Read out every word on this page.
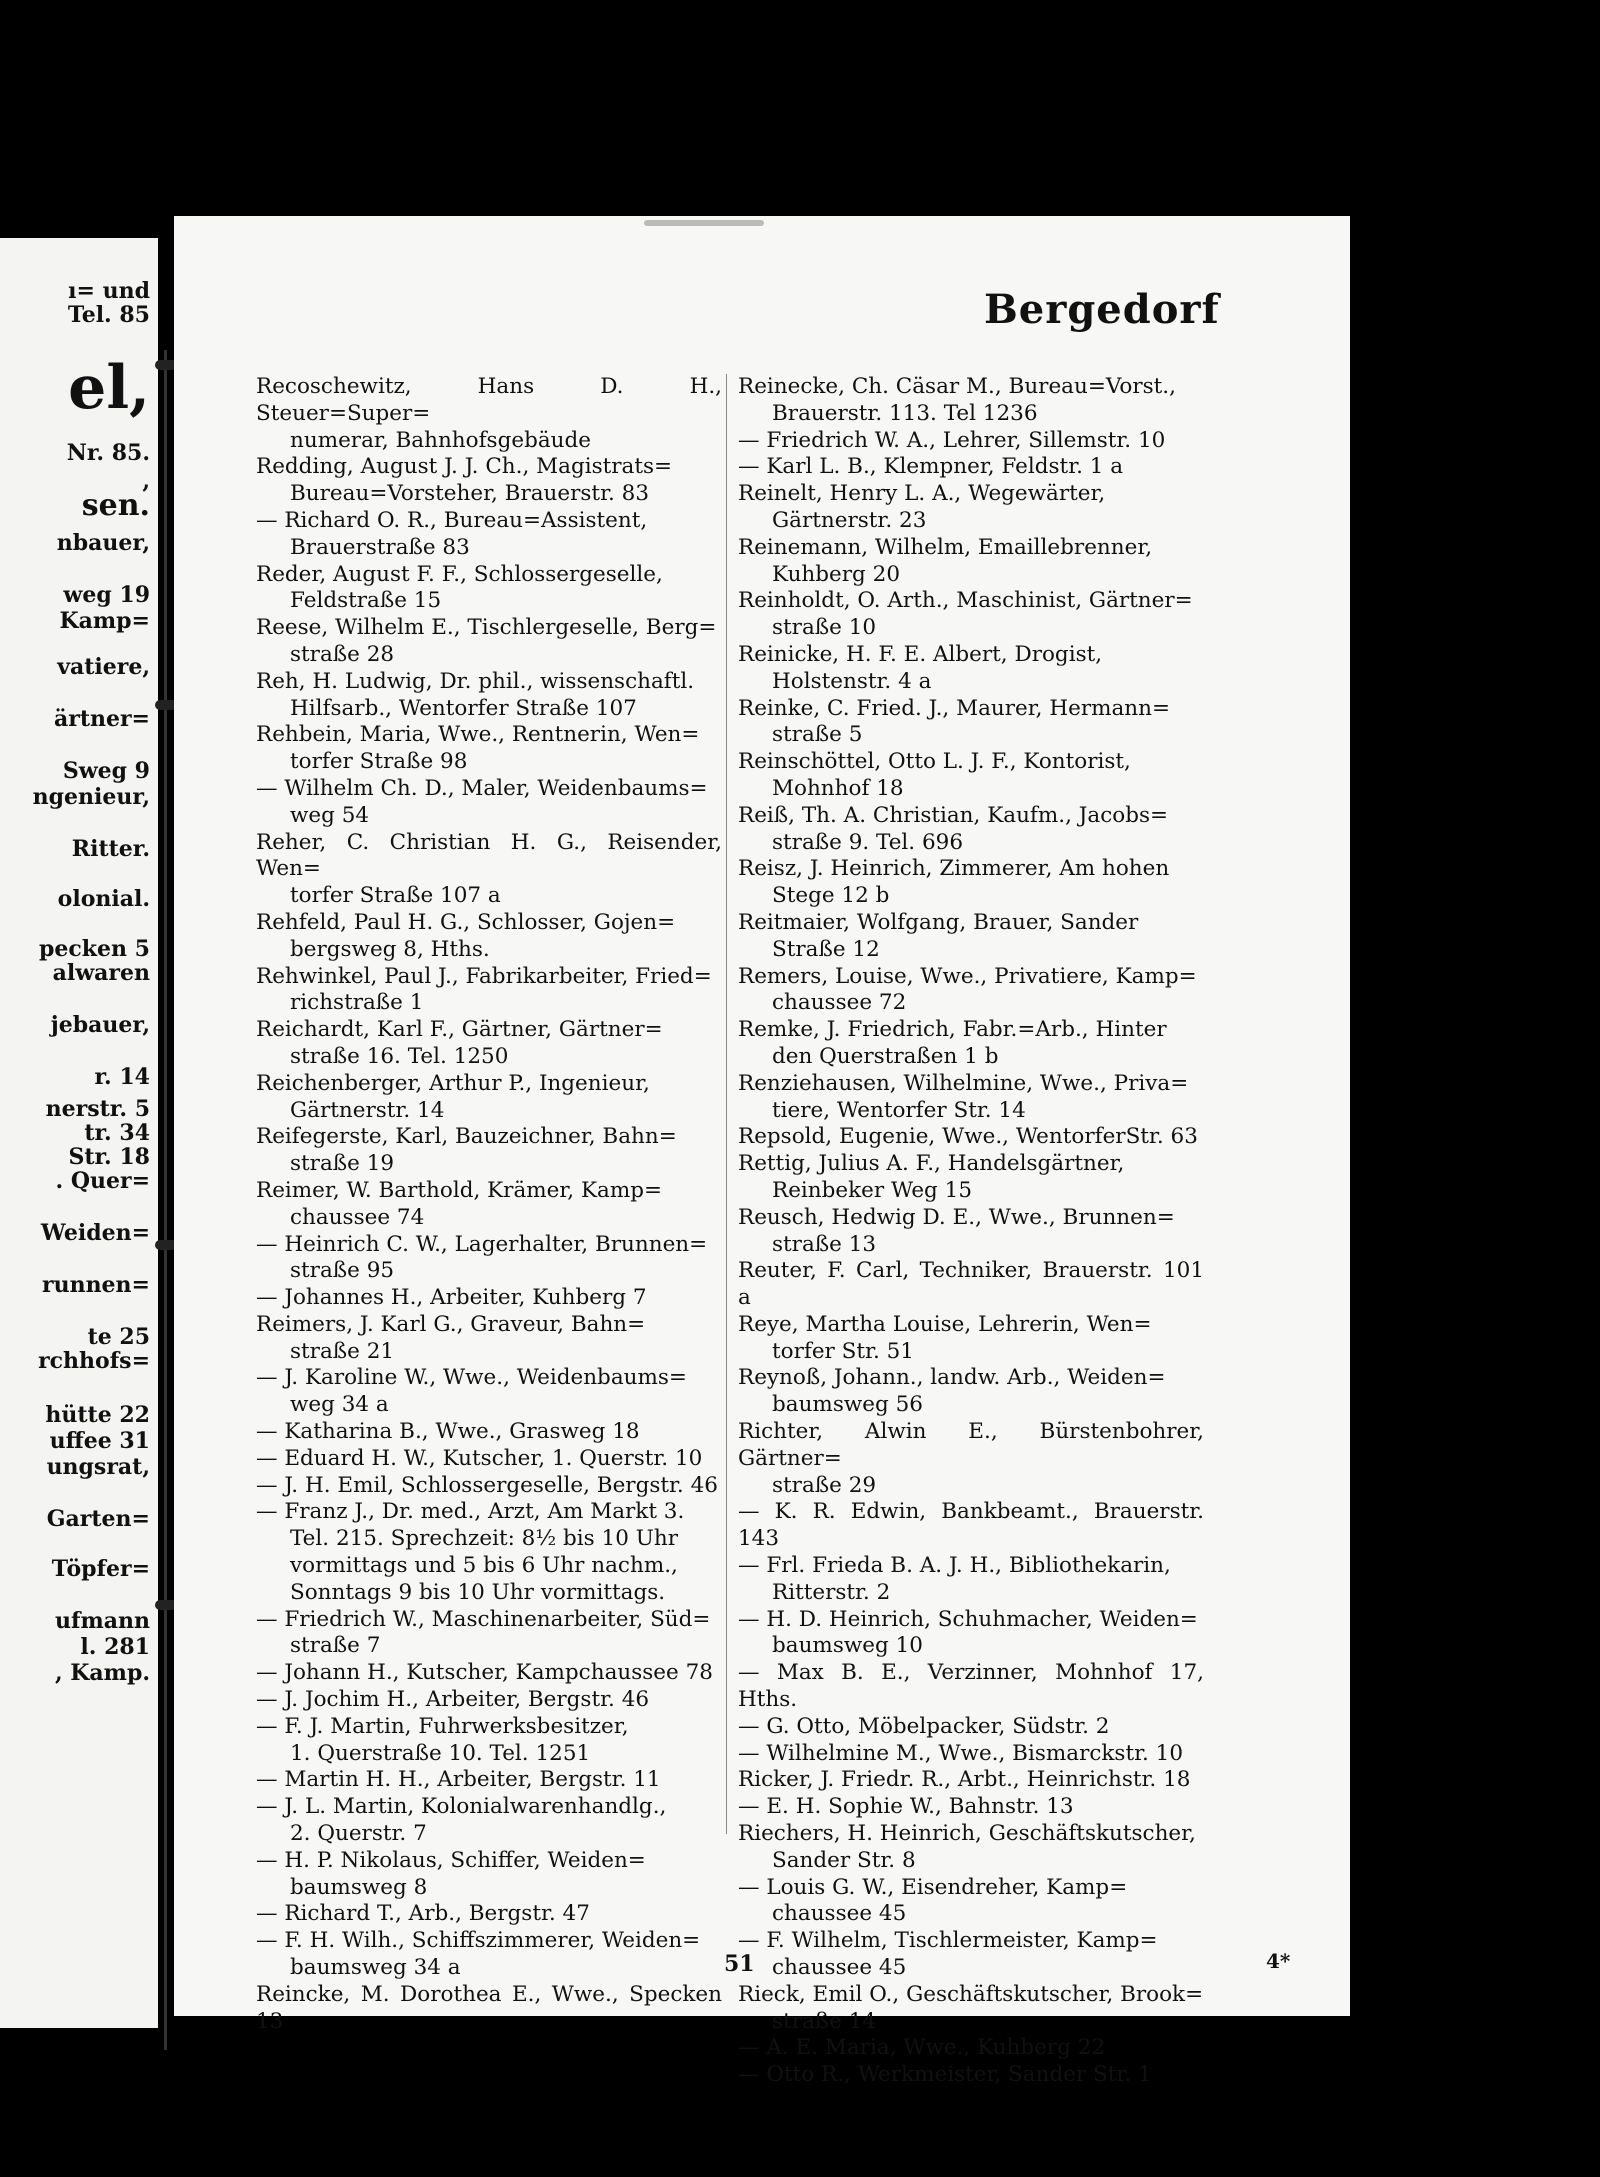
ı= und
Tel. 85
el,
Nr. 85.
,
sen.
nbauer,
weg 19
Kamp=
vatiere,
ärtner=
Sweg 9
ngenieur,
Ritter.
olonial.
pecken 5
alwaren
jebauer,
r. 14
nerstr. 5
tr. 34
Str. 18
. Quer=
Weiden=
runnen=
te 25
rchhofs=
hütte 22
uffee 31
ungsrat,
Garten=
Töpfer=
ufmann
l. 281
, Kamp.
Bergedorf
Recoschewitz, Hans D. H., Steuer=Super=
numerar, Bahnhofsgebäude
Redding, August J. J. Ch., Magistrats=
Bureau=Vorsteher, Brauerstr. 83
— Richard O. R., Bureau=Assistent,
Brauerstraße 83
Reder, August F. F., Schlossergeselle,
Feldstraße 15
Reese, Wilhelm E., Tischlergeselle, Berg=
straße 28
Reh, H. Ludwig, Dr. phil., wissenschaftl.
Hilfsarb., Wentorfer Straße 107
Rehbein, Maria, Wwe., Rentnerin, Wen=
torfer Straße 98
— Wilhelm Ch. D., Maler, Weidenbaums=
weg 54
Reher, C. Christian H. G., Reisender, Wen=
torfer Straße 107 a
Rehfeld, Paul H. G., Schlosser, Gojen=
bergsweg 8, Hths.
Rehwinkel, Paul J., Fabrikarbeiter, Fried=
richstraße 1
Reichardt, Karl F., Gärtner, Gärtner=
straße 16. Tel. 1250
Reichenberger, Arthur P., Ingenieur,
Gärtnerstr. 14
Reifegerste, Karl, Bauzeichner, Bahn=
straße 19
Reimer, W. Barthold, Krämer, Kamp=
chaussee 74
— Heinrich C. W., Lagerhalter, Brunnen=
straße 95
— Johannes H., Arbeiter, Kuhberg 7
Reimers, J. Karl G., Graveur, Bahn=
straße 21
— J. Karoline W., Wwe., Weidenbaums=
weg 34 a
— Katharina B., Wwe., Grasweg 18
— Eduard H. W., Kutscher, 1. Querstr. 10
— J. H. Emil, Schlossergeselle, Bergstr. 46
— Franz J., Dr. med., Arzt, Am Markt 3.
Tel. 215. Sprechzeit: 8½ bis 10 Uhr
vormittags und 5 bis 6 Uhr nachm.,
Sonntags 9 bis 10 Uhr vormittags.
— Friedrich W., Maschinenarbeiter, Süd=
straße 7
— Johann H., Kutscher, Kampchaussee 78
— J. Jochim H., Arbeiter, Bergstr. 46
— F. J. Martin, Fuhrwerksbesitzer,
1. Querstraße 10. Tel. 1251
— Martin H. H., Arbeiter, Bergstr. 11
— J. L. Martin, Kolonialwarenhandlg.,
2. Querstr. 7
— H. P. Nikolaus, Schiffer, Weiden=
baumsweg 8
— Richard T., Arb., Bergstr. 47
— F. H. Wilh., Schiffszimmerer, Weiden=
baumsweg 34 a
Reincke, M. Dorothea E., Wwe., Specken 13
Reinecke, Ch. Cäsar M., Bureau=Vorst.,
Brauerstr. 113. Tel 1236
— Friedrich W. A., Lehrer, Sillemstr. 10
— Karl L. B., Klempner, Feldstr. 1 a
Reinelt, Henry L. A., Wegewärter,
Gärtnerstr. 23
Reinemann, Wilhelm, Emaillebrenner,
Kuhberg 20
Reinholdt, O. Arth., Maschinist, Gärtner=
straße 10
Reinicke, H. F. E. Albert, Drogist,
Holstenstr. 4 a
Reinke, C. Fried. J., Maurer, Hermann=
straße 5
Reinschöttel, Otto L. J. F., Kontorist,
Mohnhof 18
Reiß, Th. A. Christian, Kaufm., Jacobs=
straße 9. Tel. 696
Reisz, J. Heinrich, Zimmerer, Am hohen
Stege 12 b
Reitmaier, Wolfgang, Brauer, Sander
Straße 12
Remers, Louise, Wwe., Privatiere, Kamp=
chaussee 72
Remke, J. Friedrich, Fabr.=Arb., Hinter
den Querstraßen 1 b
Renziehausen, Wilhelmine, Wwe., Priva=
tiere, Wentorfer Str. 14
Repsold, Eugenie, Wwe., WentorferStr. 63
Rettig, Julius A. F., Handelsgärtner,
Reinbeker Weg 15
Reusch, Hedwig D. E., Wwe., Brunnen=
straße 13
Reuter, F. Carl, Techniker, Brauerstr. 101 a
Reye, Martha Louise, Lehrerin, Wen=
torfer Str. 51
Reynoß, Johann., landw. Arb., Weiden=
baumsweg 56
Richter, Alwin E., Bürstenbohrer, Gärtner=
straße 29
— K. R. Edwin, Bankbeamt., Brauerstr. 143
— Frl. Frieda B. A. J. H., Bibliothekarin,
Ritterstr. 2
— H. D. Heinrich, Schuhmacher, Weiden=
baumsweg 10
— Max B. E., Verzinner, Mohnhof 17, Hths.
— G. Otto, Möbelpacker, Südstr. 2
— Wilhelmine M., Wwe., Bismarckstr. 10
Ricker, J. Friedr. R., Arbt., Heinrichstr. 18
— E. H. Sophie W., Bahnstr. 13
Riechers, H. Heinrich, Geschäftskutscher,
Sander Str. 8
— Louis G. W., Eisendreher, Kamp=
chaussee 45
— F. Wilhelm, Tischlermeister, Kamp=
chaussee 45
Rieck, Emil O., Geschäftskutscher, Brook=
straße 14
— A. E. Maria, Wwe., Kuhberg 22
— Otto R., Werkmeister, Sander Str. 1
51	4*
